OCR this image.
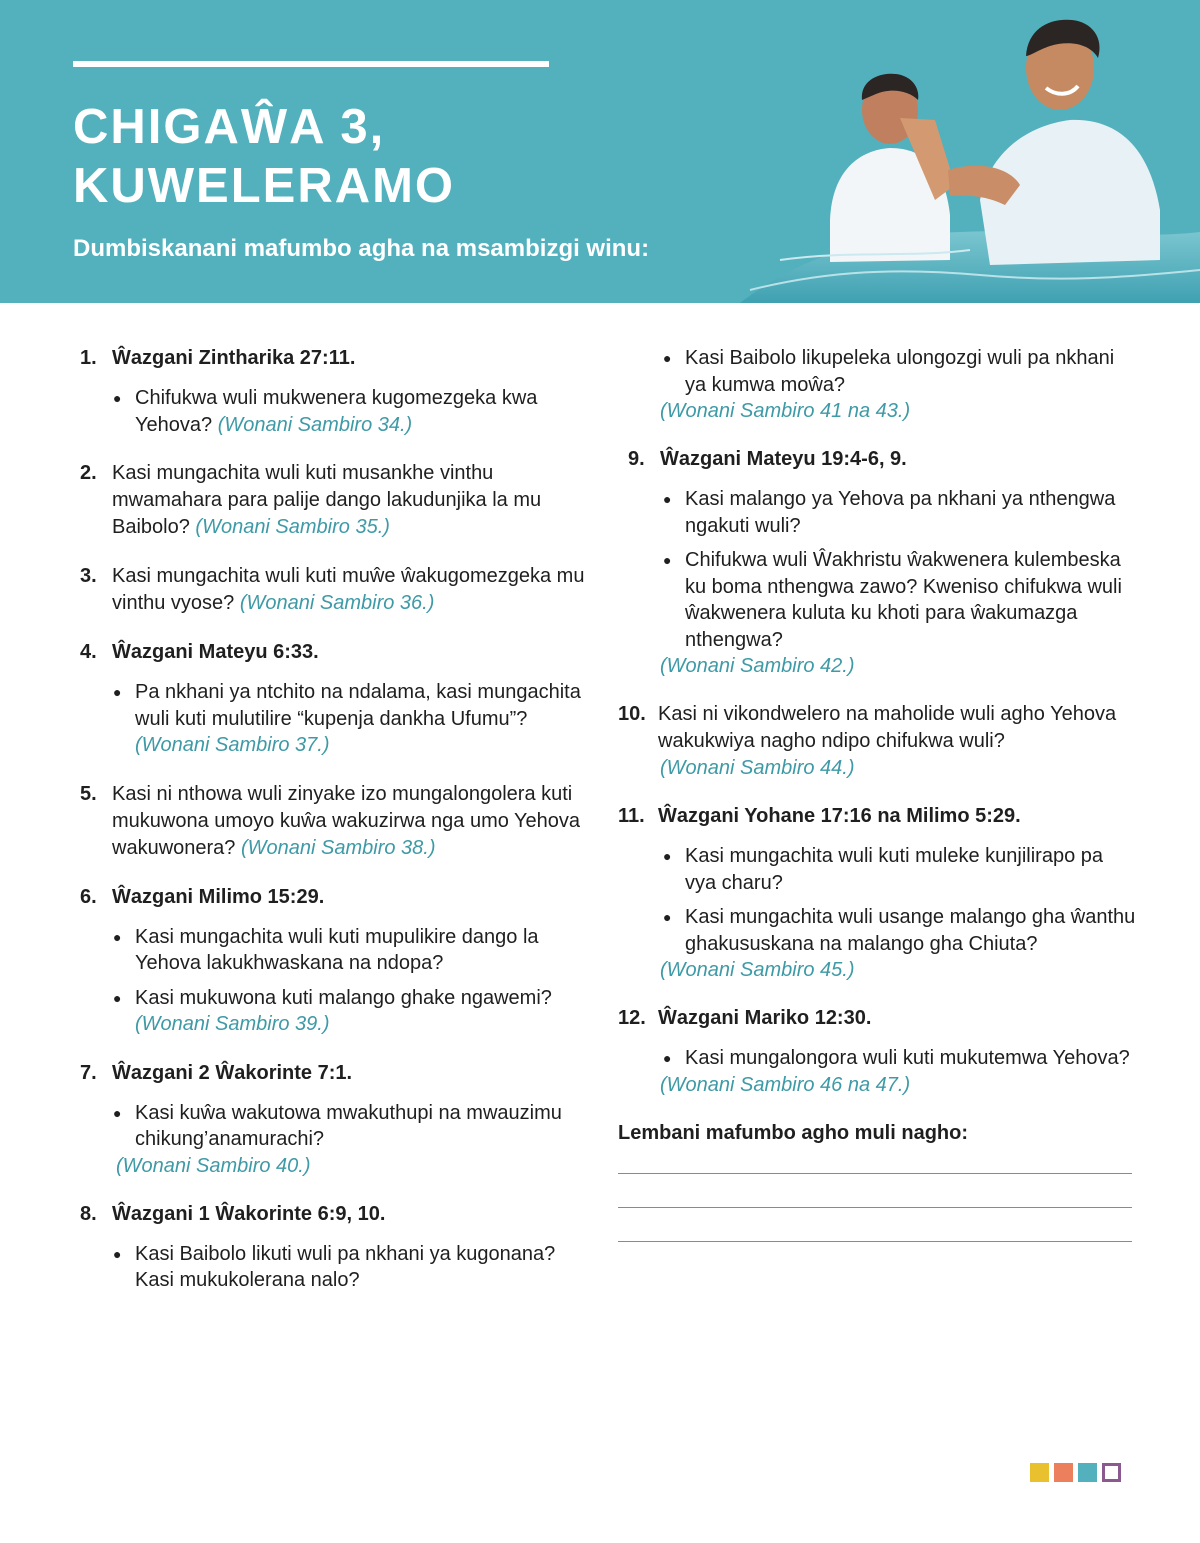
CHIGAŴA 3,
KUWELERAMO

Dumbiskanani mafumbo agha na msambizgi winu:

1. Ŵazgani Zintharika 27:11.
● Chifukwa wuli mukwenera kugomezgeka kwa Yehova? (Wonani Sambiro 34.)
2. Kasi mungachita wuli kuti musankhe vinthu mwamahara para palije dango lakudunjika la mu Baibolo? (Wonani Sambiro 35.)
3. Kasi mungachita wuli kuti muŵe ŵakugomezgeka mu vinthu vyose? (Wonani Sambiro 36.)
4. Ŵazgani Mateyu 6:33.
● Pa nkhani ya ntchito na ndalama, kasi mungachita wuli kuti mulutilire “kupenja dankha Ufumu”? (Wonani Sambiro 37.)
5. Kasi ni nthowa wuli zinyake izo mungalongolera kuti mukuwona umoyo kuŵa wakuzirwa nga umo Yehova wakuwonera? (Wonani Sambiro 38.)
6. Ŵazgani Milimo 15:29.
● Kasi mungachita wuli kuti mupulikire dango la Yehova lakukhwaskana na ndopa?
● Kasi mukuwona kuti malango ghake ngawemi?
(Wonani Sambiro 39.)
7. Ŵazgani 2 Ŵakorinte 7:1.
● Kasi kuŵa wakutowa mwakuthupi na mwauzimu chikung’anamurachi?
(Wonani Sambiro 40.)
8. Ŵazgani 1 Ŵakorinte 6:9, 10.
● Kasi Baibolo likuti wuli pa nkhani ya kugonana? Kasi mukukolerana nalo?
● Kasi Baibolo likupeleka ulongozgi wuli pa nkhani ya kumwa moŵa?
(Wonani Sambiro 41 na 43.)
9. Ŵazgani Mateyu 19:4-6, 9.
● Kasi malango ya Yehova pa nkhani ya nthengwa ngakuti wuli?
● Chifukwa wuli Ŵakhristu ŵakwenera kulembeska ku boma nthengwa zawo? Kweniso chifukwa wuli ŵakwenera kuluta ku khoti para ŵakumazga nthengwa?
(Wonani Sambiro 42.)
10. Kasi ni vikondwelero na maholide wuli agho Yehova wakukwiya nagho ndipo chifukwa wuli?
(Wonani Sambiro 44.)
11. Ŵazgani Yohane 17:16 na Milimo 5:29.
● Kasi mungachita wuli kuti muleke kunjilirapo pa vya charu?
● Kasi mungachita wuli usange malango gha ŵanthu ghakususkana na malango gha Chiuta?
(Wonani Sambiro 45.)
12. Ŵazgani Mariko 12:30.
● Kasi mungalongora wuli kuti mukutemwa Yehova?
(Wonani Sambiro 46 na 47.)
Lembani mafumbo agho muli nagho:
